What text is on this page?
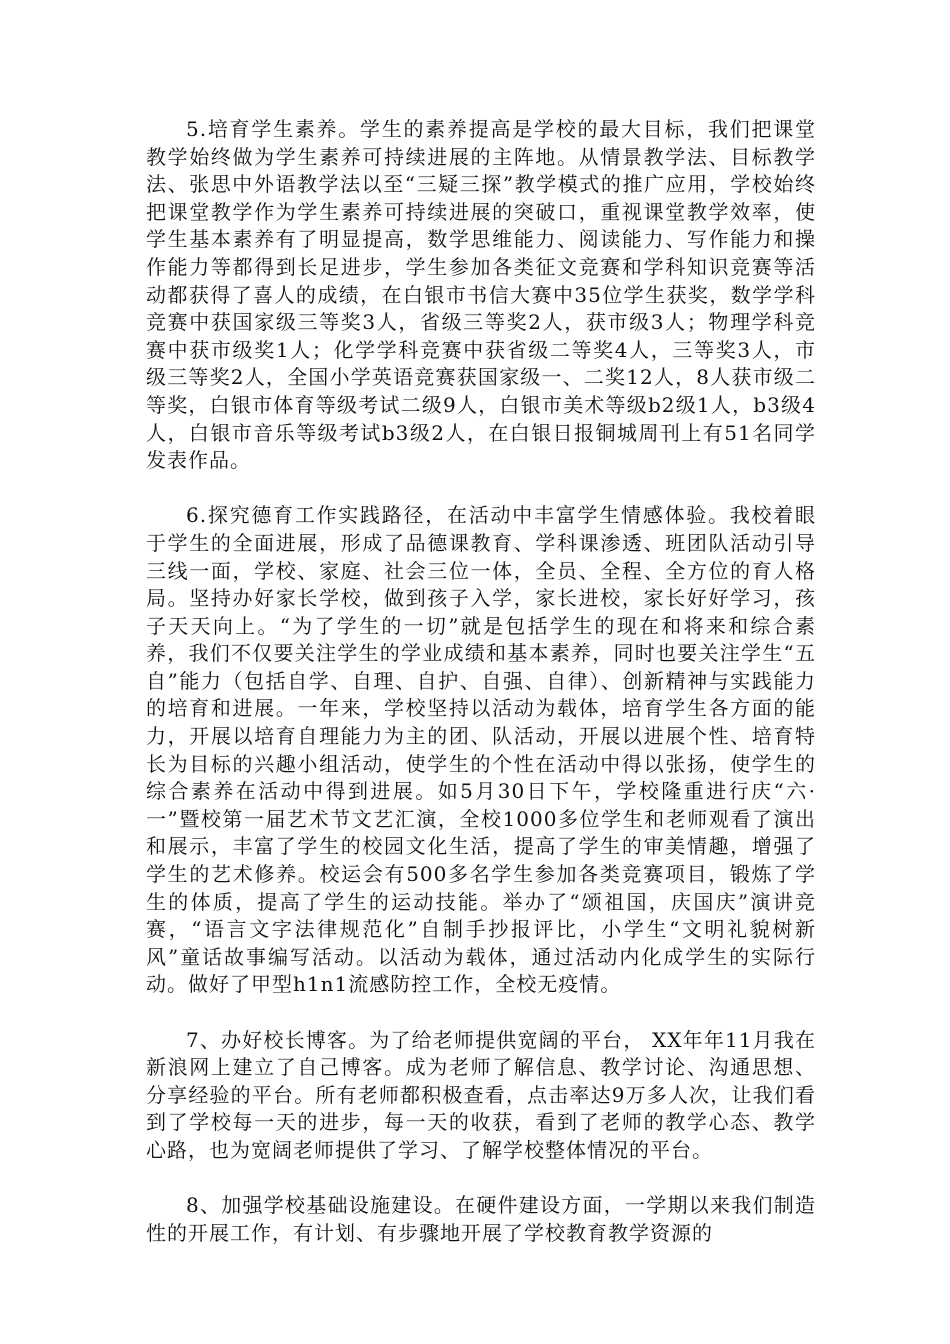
5.培育学生素养。学生的素养提高是学校的最大目标，我们把课堂教学始终做为学生素养可持续进展的主阵地。从情景教学法、目标教学法、张思中外语教学法以至“三疑三探”教学模式的推广应用，学校始终把课堂教学作为学生素养可持续进展的突破口，重视课堂教学效率，使学生基本素养有了明显提高，数学思维能力、阅读能力、写作能力和操作能力等都得到长足进步，学生参加各类征文竞赛和学科知识竞赛等活动都获得了喜人的成绩，在白银市书信大赛中35位学生获奖，数学学科竞赛中获国家级三等奖3人，省级三等奖2人，获市级3人；物理学科竞赛中获市级奖1人；化学学科竞赛中获省级二等奖4人，三等奖3人，市级三等奖2人，全国小学英语竞赛获国家级一、二奖12人，8人获市级二等奖，白银市体育等级考试二级9人，白银市美术等级b2级1人，b3级4人，白银市音乐等级考试b3级2人，在白银日报铜城周刊上有51名同学发表作品。

6.探究德育工作实践路径，在活动中丰富学生情感体验。我校着眼于学生的全面进展，形成了品德课教育、学科课渗透、班团队活动引导三线一面，学校、家庭、社会三位一体，全员、全程、全方位的育人格局。坚持办好家长学校，做到孩子入学，家长进校，家长好好学习，孩子天天向上。“为了学生的一切”就是包括学生的现在和将来和综合素养，我们不仅要关注学生的学业成绩和基本素养，同时也要关注学生“五自”能力（包括自学、自理、自护、自强、自律）、创新精神与实践能力的培育和进展。一年来，学校坚持以活动为载体，培育学生各方面的能力，开展以培育自理能力为主的团、队活动，开展以进展个性、培育特长为目标的兴趣小组活动，使学生的个性在活动中得以张扬，使学生的综合素养在活动中得到进展。如5月30日下午，学校隆重进行庆“六·一”暨校第一届艺术节文艺汇演，全校1000多位学生和老师观看了演出和展示，丰富了学生的校园文化生活，提高了学生的审美情趣，增强了学生的艺术修养。校运会有500多名学生参加各类竞赛项目，锻炼了学生的体质，提高了学生的运动技能。举办了“颂祖国，庆国庆”演讲竞赛，“语言文字法律规范化”自制手抄报评比，小学生“文明礼貌树新风”童话故事编写活动。以活动为载体，通过活动内化成学生的实际行动。做好了甲型h1n1流感防控工作，全校无疫情。

7、办好校长博客。为了给老师提供宽阔的平台， XX年年11月我在新浪网上建立了自己博客。成为老师了解信息、教学讨论、沟通思想、分享经验的平台。所有老师都积极查看，点击率达9万多人次，让我们看到了学校每一天的进步，每一天的收获，看到了老师的教学心态、教学心路，也为宽阔老师提供了学习、了解学校整体情况的平台。

8、加强学校基础设施建设。在硬件建设方面，一学期以来我们制造性的开展工作，有计划、有步骤地开展了学校教育教学资源的
